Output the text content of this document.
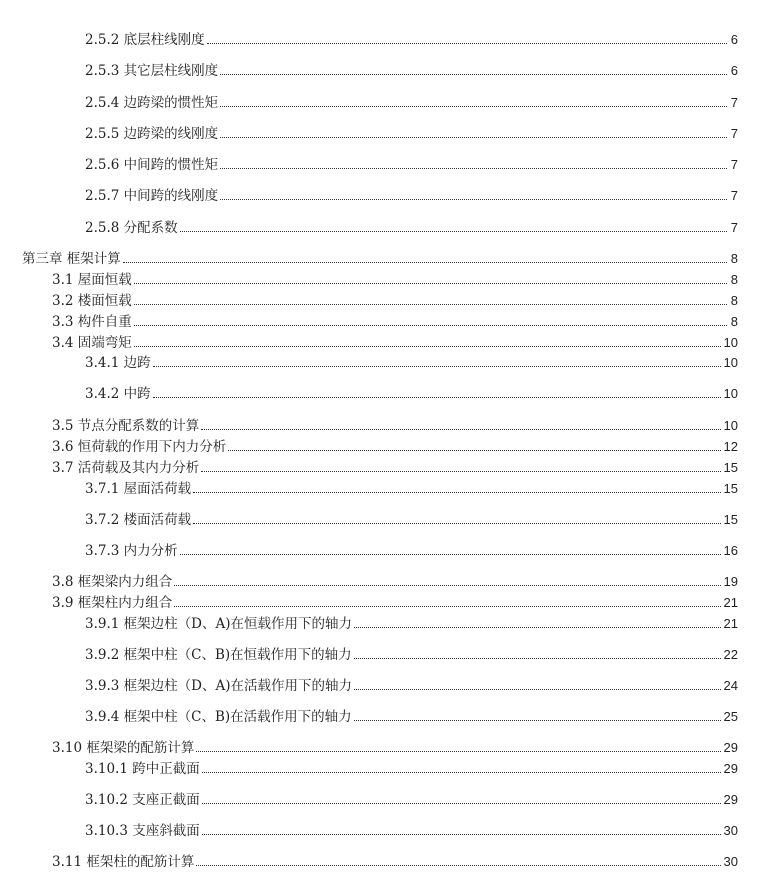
2.5.2 底层柱线刚度	6
2.5.3 其它层柱线刚度	6
2.5.4 边跨梁的惯性矩	7
2.5.5 边跨梁的线刚度	7
2.5.6 中间跨的惯性矩	7
2.5.7 中间跨的线刚度	7
2.5.8 分配系数	7
第三章 框架计算	8
3.1 屋面恒载	8
3.2 楼面恒载	8
3.3 构件自重	8
3.4 固端弯矩	10
3.4.1 边跨	10
3.4.2 中跨	10
3.5 节点分配系数的计算	10
3.6 恒荷载的作用下内力分析	12
3.7 活荷载及其内力分析	15
3.7.1 屋面活荷载	15
3.7.2 楼面活荷载	15
3.7.3 内力分析	16
3.8 框架梁内力组合	19
3.9 框架柱内力组合	21
3.9.1 框架边柱（D、A)在恒载作用下的轴力	21
3.9.2 框架中柱（C、B)在恒载作用下的轴力	22
3.9.3 框架边柱（D、A)在活载作用下的轴力	24
3.9.4 框架中柱（C、B)在活载作用下的轴力	25
3.10 框架梁的配筋计算	29
3.10.1 跨中正截面	29
3.10.2 支座正截面	29
3.10.3 支座斜截面	30
3.11 框架柱的配筋计算	30
